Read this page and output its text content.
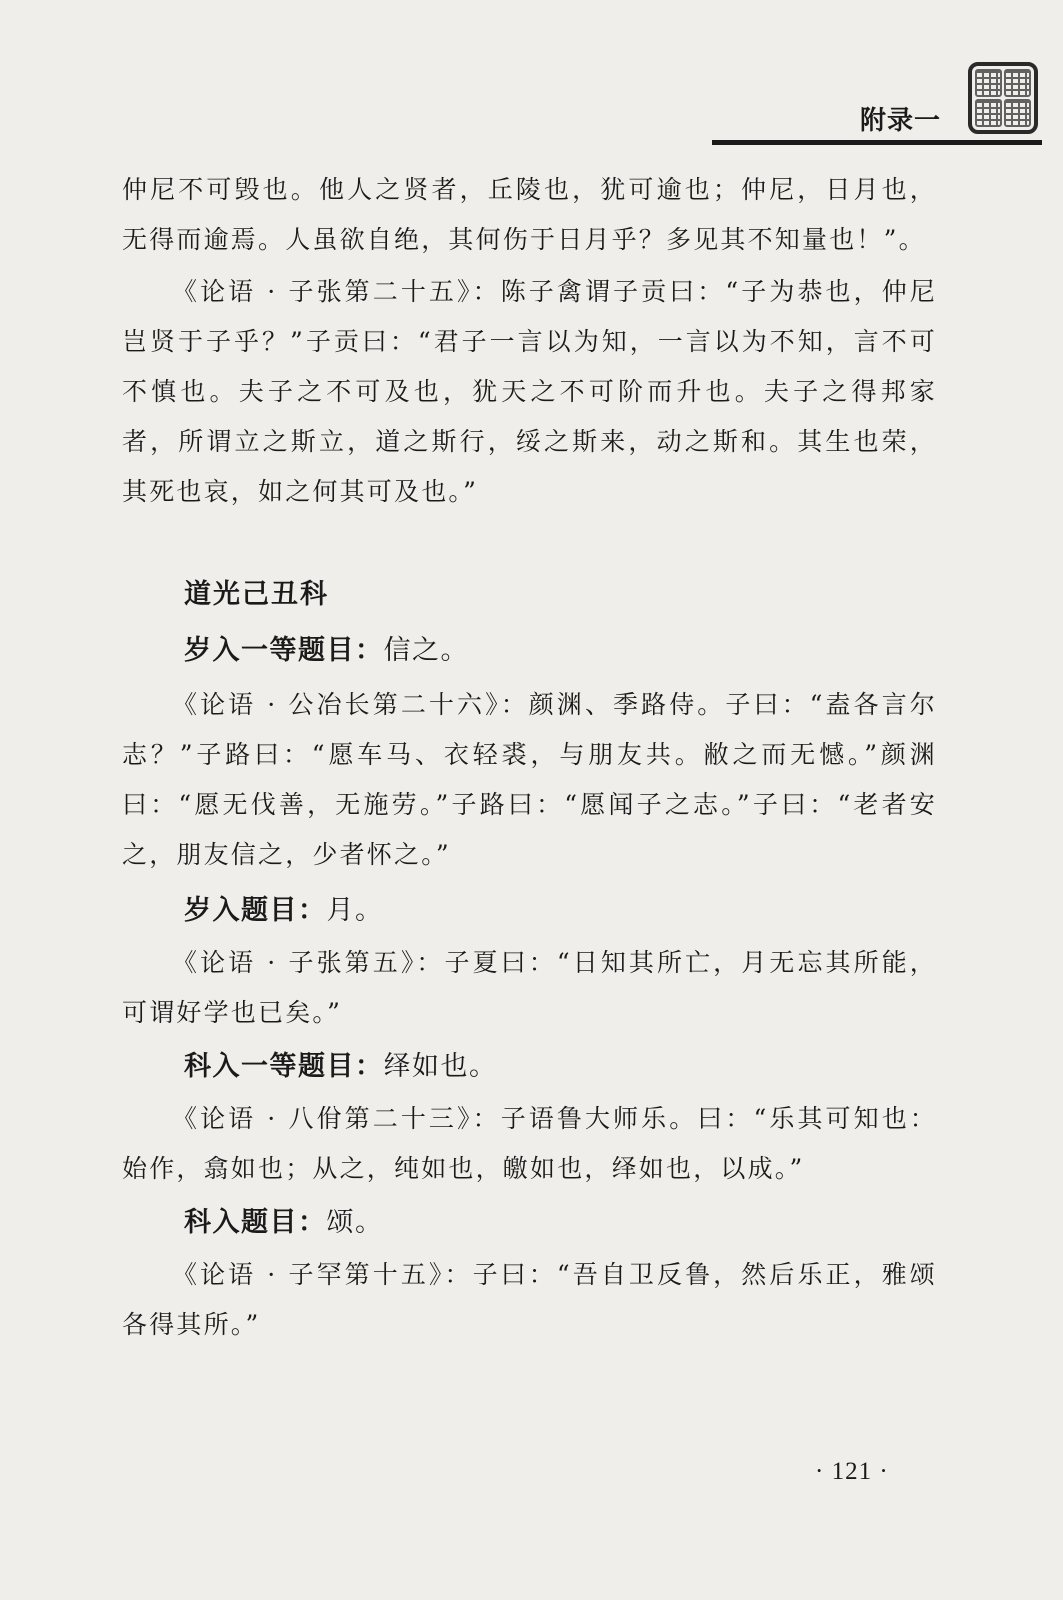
附录一

仲尼不可毁也。他人之贤者，丘陵也，犹可逾也；仲尼，日月也，无得而逾焉。人虽欲自绝，其何伤于日月乎？多见其不知量也！”。

《论语 · 子张第二十五》：陈子禽谓子贡曰：“子为恭也，仲尼岂贤于子乎？”子贡曰：“君子一言以为知，一言以为不知，言不可不慎也。夫子之不可及也，犹天之不可阶而升也。夫子之得邦家者，所谓立之斯立，道之斯行，绥之斯来，动之斯和。其生也荣，其死也哀，如之何其可及也。”

道光己丑科
岁入一等题目：信之。

《论语 · 公冶长第二十六》：颜渊、季路侍。子曰：“盍各言尔志？”子路曰：“愿车马、衣轻裘，与朋友共。敝之而无憾。”颜渊曰：“愿无伐善，无施劳。”子路曰：“愿闻子之志。”子曰：“老者安之，朋友信之，少者怀之。”

岁入题目：月。

《论语 · 子张第五》：子夏曰：“日知其所亡，月无忘其所能，可谓好学也已矣。”

科入一等题目：绎如也。

《论语 · 八佾第二十三》：子语鲁大师乐。曰：“乐其可知也：始作，翕如也；从之，纯如也，皦如也，绎如也，以成。”

科入题目：颂。

《论语 · 子罕第十五》：子曰：“吾自卫反鲁，然后乐正，雅颂各得其所。”

· 121 ·
